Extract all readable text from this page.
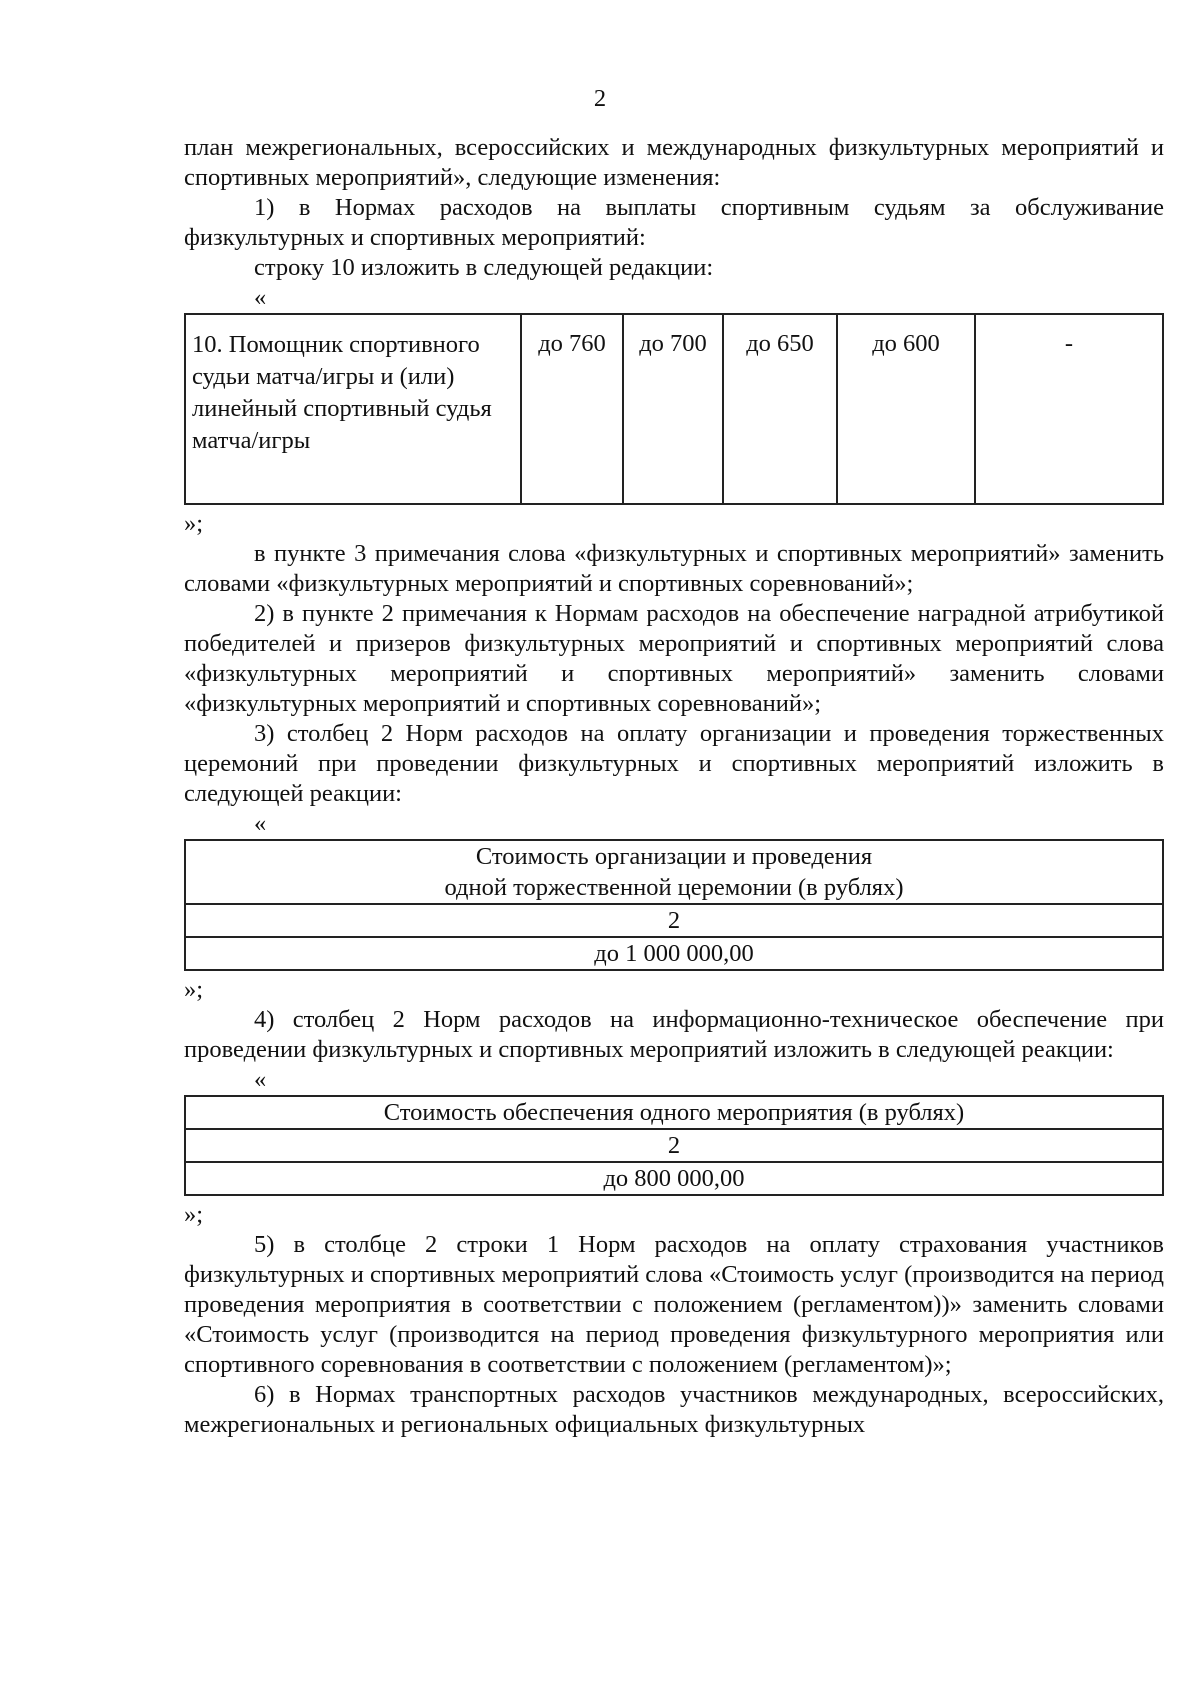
2

план межрегиональных, всероссийских и международных физкультурных мероприятий и спортивных мероприятий», следующие изменения:

1) в Нормах расходов на выплаты спортивным судьям за обслуживание физкультурных и спортивных мероприятий:

строку 10 изложить в следующей редакции:

«

10. Помощник спортивного судьи матча/игры и (или) линейный спортивный судья матча/игры	до 760	до 700	до 650	до 600	-

»;

в пункте 3 примечания слова «физкультурных и спортивных мероприятий» заменить словами «физкультурных мероприятий и спортивных соревнований»;

2) в пункте 2 примечания к Нормам расходов на обеспечение наградной атрибутикой победителей и призеров физкультурных мероприятий и спортивных мероприятий слова «физкультурных мероприятий и спортивных мероприятий» заменить словами «физкультурных мероприятий и спортивных соревнований»;

3) столбец 2 Норм расходов на оплату организации и проведения торжественных церемоний при проведении физкультурных и спортивных мероприятий изложить в следующей реакции:

«

Стоимость организации и проведения
одной торжественной церемонии (в рублях)

2
до 1 000 000,00

»;

4) столбец 2 Норм расходов на информационно-техническое обеспечение при проведении физкультурных и спортивных мероприятий изложить в следующей реакции:

«

Стоимость обеспечения одного мероприятия (в рублях)
2
до 800 000,00

»;

5) в столбце 2 строки 1 Норм расходов на оплату страхования участников физкультурных и спортивных мероприятий слова «Стоимость услуг (производится на период проведения мероприятия в соответствии с положением (регламентом))» заменить словами «Стоимость услуг (производится на период проведения физкультурного мероприятия или спортивного соревнования в соответствии с положением (регламентом)»;

6) в Нормах транспортных расходов участников международных, всероссийских, межрегиональных и региональных официальных физкультурных
